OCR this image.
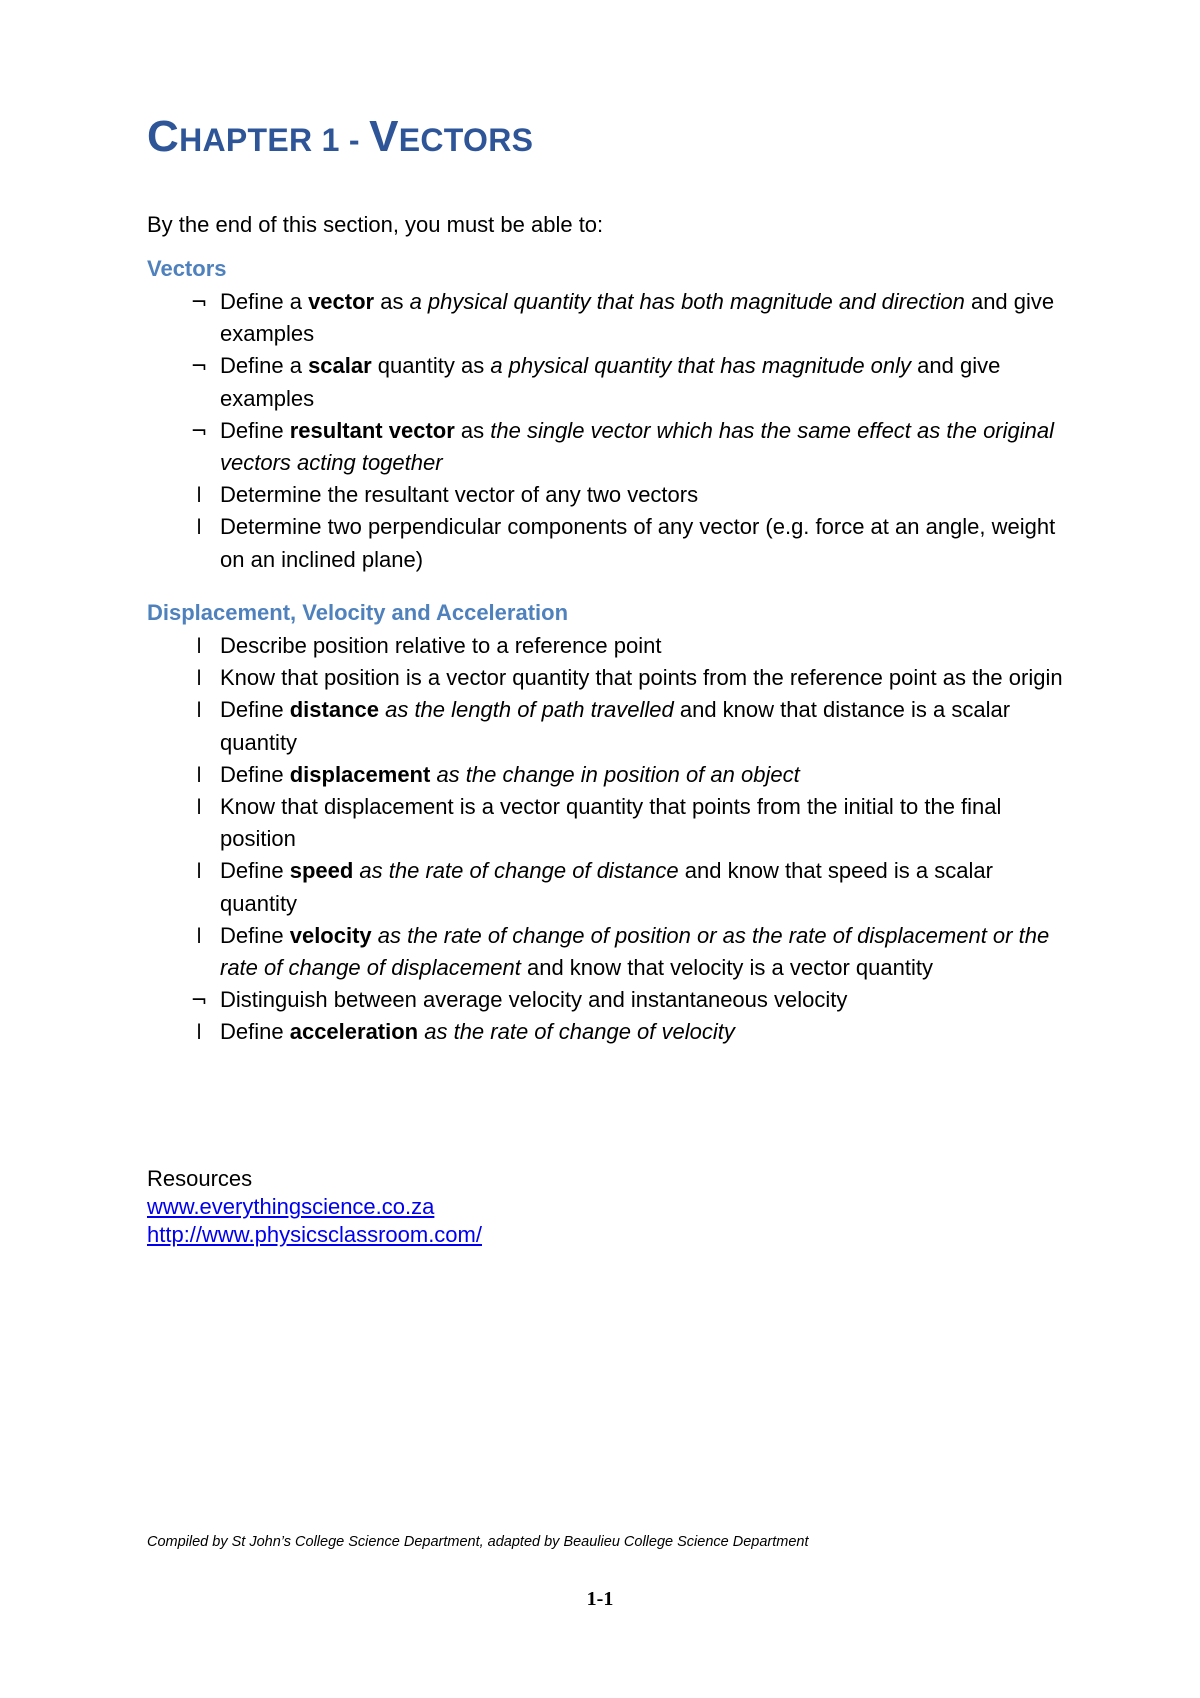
CHAPTER 1 - VECTORS

By the end of this section, you must be able to:

Vectors
¬ Define a vector as a physical quantity that has both magnitude and direction and give examples
¬ Define a scalar quantity as a physical quantity that has magnitude only and give examples
¬ Define resultant vector as the single vector which has the same effect as the original vectors acting together
l Determine the resultant vector of any two vectors
l Determine two perpendicular components of any vector (e.g. force at an angle, weight on an inclined plane)
Displacement, Velocity and Acceleration
l Describe position relative to a reference point
l Know that position is a vector quantity that points from the reference point as the origin
l Define distance as the length of path travelled and know that distance is a scalar quantity
l Define displacement as the change in position of an object
l Know that displacement is a vector quantity that points from the initial to the final position
l Define speed as the rate of change of distance and know that speed is a scalar quantity
l Define velocity as the rate of change of position or as the rate of displacement or the rate of change of displacement and know that velocity is a vector quantity
¬ Distinguish between average velocity and instantaneous velocity
l Define acceleration as the rate of change of velocity
Resources
www.everythingscience.co.za
http://www.physicsclassroom.com/

Compiled by St John’s College Science Department, adapted by Beaulieu College Science Department

1-1
